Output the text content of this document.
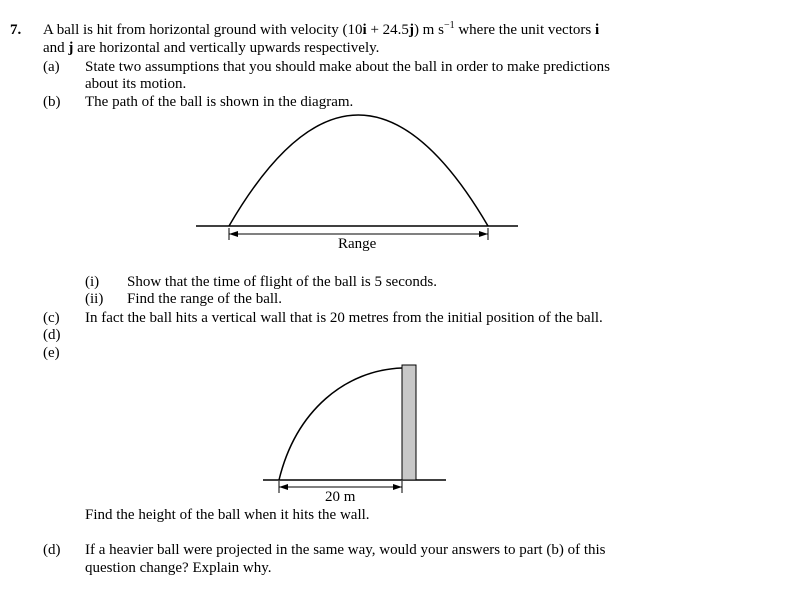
7. A ball is hit from horizontal ground with velocity (10i + 24.5j) m $s^{-1}$ where the unit vectors i
and j are horizontal and vertically upwards respectively.
(a) State two assumptions that you should make about the ball in order to make predictions
about its motion.
(b) The path of the ball is shown in the diagram.
Range
(i) Show that the time of flight of the ball is 5 seconds.
(ii) Find the range of the ball.
(c) In fact the ball hits a vertical wall that is 20 metres from the initial position of the ball.
(d)
(e)
20 m
Find the height of the ball when it hits the wall.
(d) If a heavier ball were projected in the same way, would your answers to part (b) of this
question change? Explain why.
